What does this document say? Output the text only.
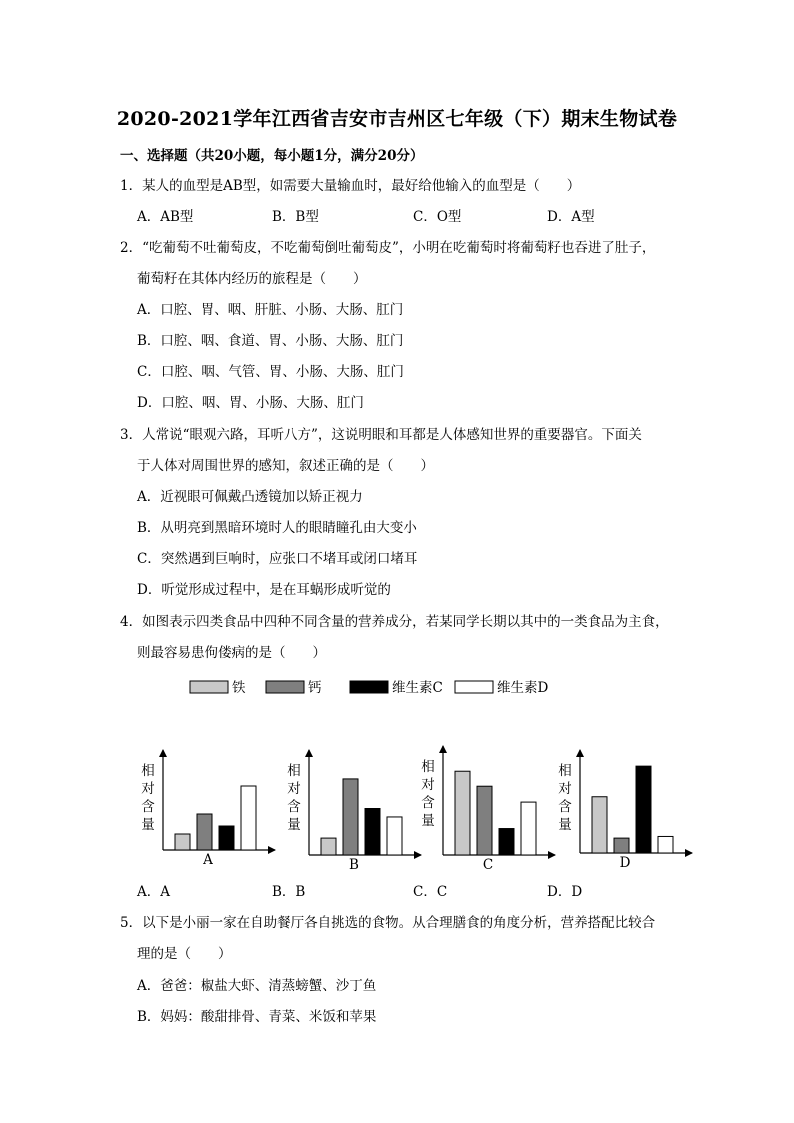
2020-2021学年江西省吉安市吉州区七年级（下）期末生物试卷
一、选择题（共20小题，每小题1分，满分20分）
1．某人的血型是AB型，如需要大量输血时，最好给他输入的血型是（　　）
A．AB型	B．B型	C．O型	D．A型
2．“吃葡萄不吐葡萄皮，不吃葡萄倒吐葡萄皮”，小明在吃葡萄时将葡萄籽也吞进了肚子，
葡萄籽在其体内经历的旅程是（　　）
A．口腔、胃、咽、肝脏、小肠、大肠、肛门
B．口腔、咽、食道、胃、小肠、大肠、肛门
C．口腔、咽、气管、胃、小肠、大肠、肛门
D．口腔、咽、胃、小肠、大肠、肛门
3．人常说“眼观六路，耳听八方”，这说明眼和耳都是人体感知世界的重要器官。下面关
于人体对周围世界的感知，叙述正确的是（　　）
A．近视眼可佩戴凸透镜加以矫正视力
B．从明亮到黑暗环境时人的眼睛瞳孔由大变小
C．突然遇到巨响时，应张口不堵耳或闭口堵耳
D．听觉形成过程中，是在耳蜗形成听觉的
4．如图表示四类食品中四种不同含量的营养成分，若某同学长期以其中的一类食品为主食，
则最容易患佝偻病的是（　　）
铁	钙	维生素C	维生素D
相对含量
A
相对含量
B
相对含量
C
相对含量
D
A．A	B．B	C．C	D．D
5．以下是小丽一家在自助餐厅各自挑选的食物。从合理膳食的角度分析，营养搭配比较合
理的是（　　）
A．爸爸：椒盐大虾、清蒸螃蟹、沙丁鱼
B．妈妈：酸甜排骨、青菜、米饭和苹果
